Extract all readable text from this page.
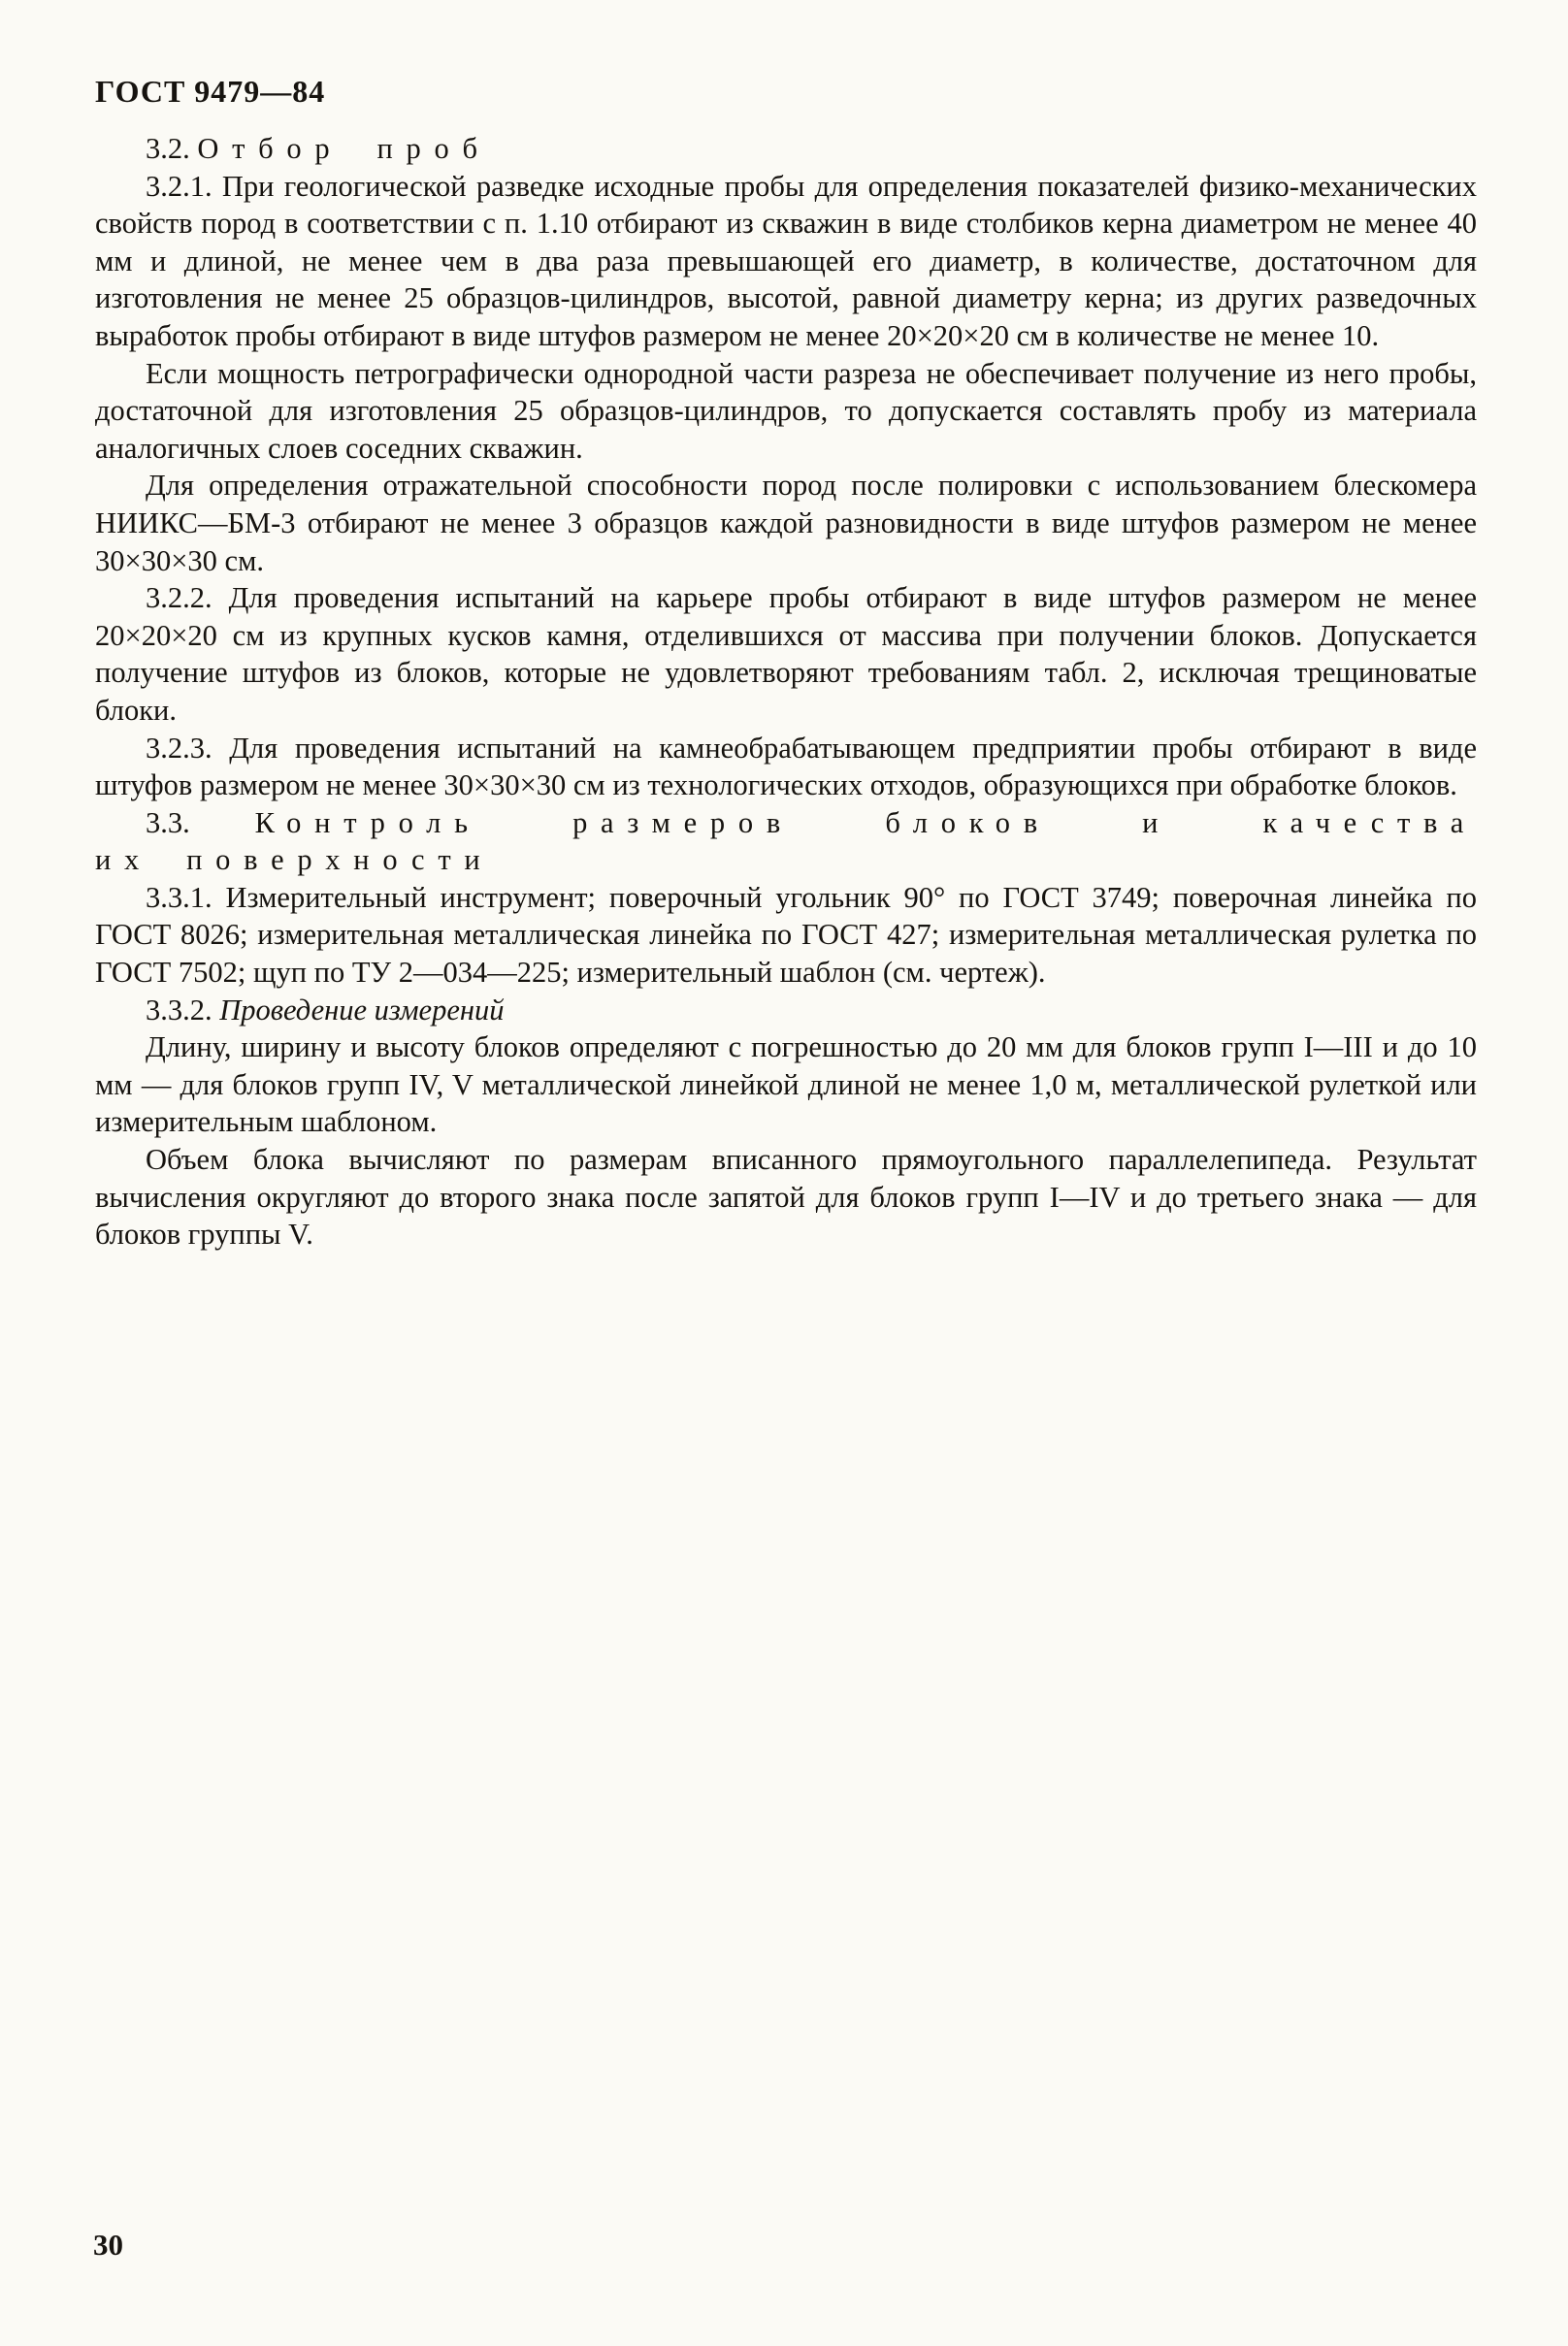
ГОСТ 9479—84

3.2. Отбор проб

3.2.1. При геологической разведке исходные пробы для определения показателей физико-механических свойств пород в соответствии с п. 1.10 отбирают из скважин в виде столбиков керна диаметром не менее 40 мм и длиной, не менее чем в два раза превышающей его диаметр, в количестве, достаточном для изготовления не менее 25 образцов-цилиндров, высотой, равной диаметру керна; из других разведочных выработок пробы отбирают в виде штуфов размером не менее 20×20×20 см в количестве не менее 10.

Если мощность петрографически однородной части разреза не обеспечивает получение из него пробы, достаточной для изготовления 25 образцов-цилиндров, то допускается составлять пробу из материала аналогичных слоев соседних скважин.

Для определения отражательной способности пород после полировки с использованием блескомера НИИКС—БМ-3 отбирают не менее 3 образцов каждой разновидности в виде штуфов размером не менее 30×30×30 см.

3.2.2. Для проведения испытаний на карьере пробы отбирают в виде штуфов размером не менее 20×20×20 см из крупных кусков камня, отделившихся от массива при получении блоков. Допускается получение штуфов из блоков, которые не удовлетворяют требованиям табл. 2, исключая трещиноватые блоки.

3.2.3. Для проведения испытаний на камнеобрабатывающем предприятии пробы отбирают в виде штуфов размером не менее 30×30×30 см из технологических отходов, образующихся при обработке блоков.

3.3. Контроль размеров блоков и качества их поверхности

3.3.1. Измерительный инструмент; поверочный угольник 90° по ГОСТ 3749; поверочная линейка по ГОСТ 8026; измерительная металлическая линейка по ГОСТ 427; измерительная металлическая рулетка по ГОСТ 7502; щуп по ТУ 2—034—225; измерительный шаблон (см. чертеж).

3.3.2. Проведение измерений

Длину, ширину и высоту блоков определяют с погрешностью до 20 мм для блоков групп I—III и до 10 мм — для блоков групп IV, V металлической линейкой длиной не менее 1,0 м, металлической рулеткой или измерительным шаблоном.

Объем блока вычисляют по размерам вписанного прямоугольного параллелепипеда. Результат вычисления округляют до второго знака после запятой для блоков групп I—IV и до третьего знака — для блоков группы V.

30
